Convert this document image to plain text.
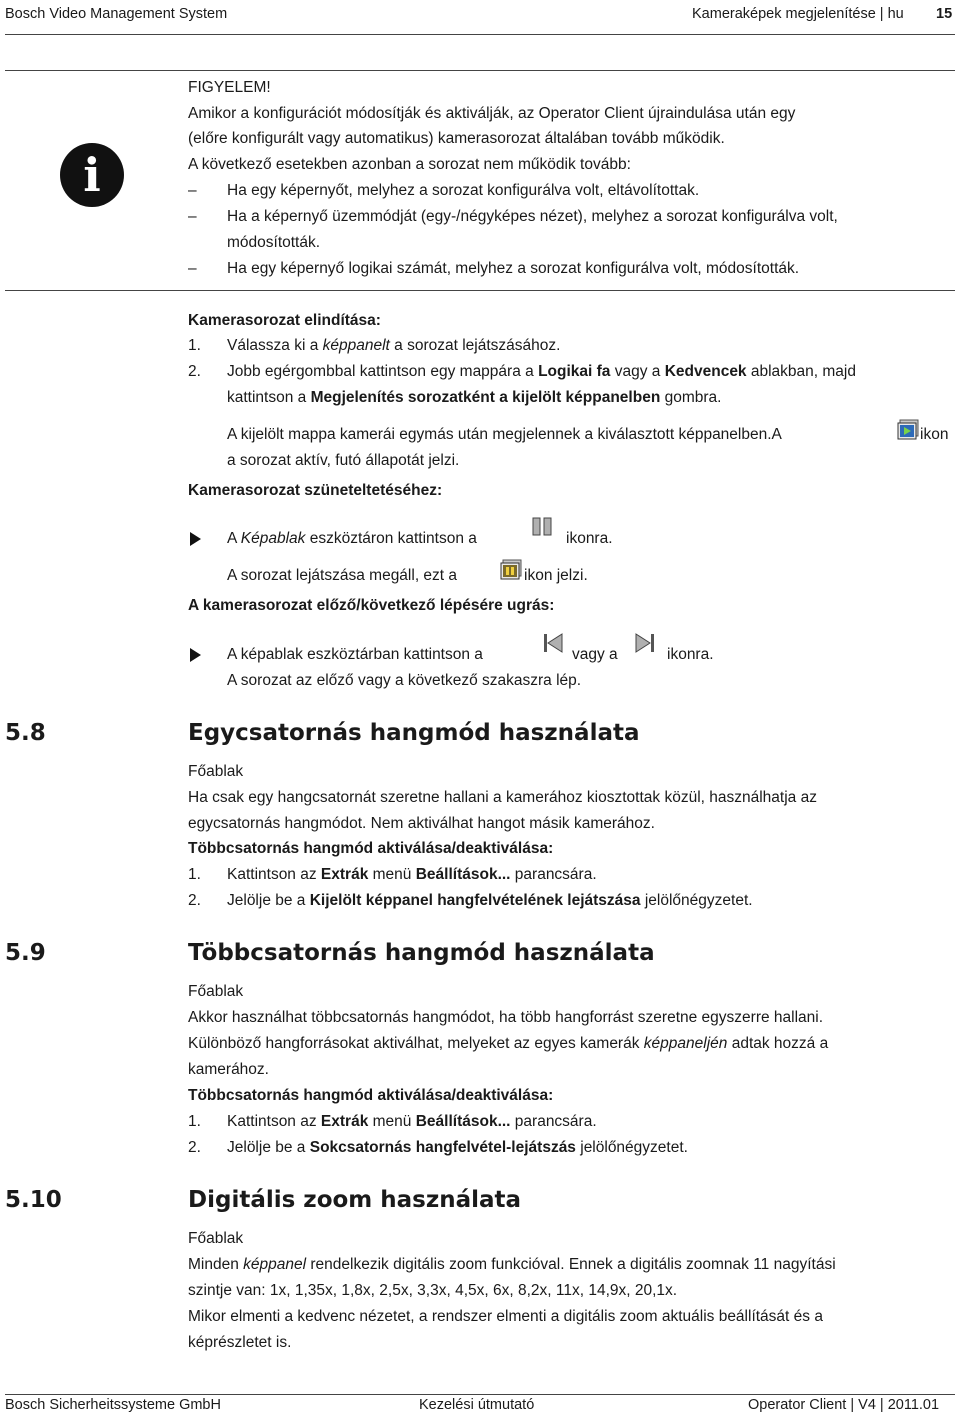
Bosch Video Management System	Kameraképek megjelenítése | hu 15
i
FIGYELEM!
Amikor a konfigurációt módosítják és aktiválják, az Operator Client újraindulása után egy
(előre konfigurált vagy automatikus) kamerasorozat általában tovább működik.
A következő esetekben azonban a sorozat nem működik tovább:
– Ha egy képernyőt, melyhez a sorozat konfigurálva volt, eltávolítottak.
– Ha a képernyő üzemmódját (egy-/négyképes nézet), melyhez a sorozat konfigurálva volt,
módosították.
– Ha egy képernyő logikai számát, melyhez a sorozat konfigurálva volt, módosították.
Kamerasorozat elindítása:
1. Válassza ki a képpanelt a sorozat lejátszásához.
2. Jobb egérgombbal kattintson egy mappára a Logikai fa vagy a Kedvencek ablakban, majd
kattintson a Megjelenítés sorozatként a kijelölt képpanelben gombra.
A kijelölt mappa kamerái egymás után megjelennek a kiválasztott képpanelben.A	ikon
a sorozat aktív, futó állapotát jelzi.
Kamerasorozat szüneteltetéséhez:
A Képablak eszköztáron kattintson a	ikonra.
A sorozat lejátszása megáll, ezt a	ikon jelzi.
A kamerasorozat előző/következő lépésére ugrás:
A képablak eszköztárban kattintson a	vagy a	ikonra.
A sorozat az előző vagy a következő szakaszra lép.
5.8	Egycsatornás hangmód használata
Főablak
Ha csak egy hangcsatornát szeretne hallani a kamerához kiosztottak közül, használhatja az
egycsatornás hangmódot. Nem aktiválhat hangot másik kamerához.
Többcsatornás hangmód aktiválása/deaktiválása:
1. Kattintson az Extrák menü Beállítások... parancsára.
2. Jelölje be a Kijelölt képpanel hangfelvételének lejátszása jelölőnégyzetet.
5.9	Többcsatornás hangmód használata
Főablak
Akkor használhat többcsatornás hangmódot, ha több hangforrást szeretne egyszerre hallani.
Különböző hangforrásokat aktiválhat, melyeket az egyes kamerák képpaneljén adtak hozzá a
kamerához.
Többcsatornás hangmód aktiválása/deaktiválása:
1. Kattintson az Extrák menü Beállítások... parancsára.
2. Jelölje be a Sokcsatornás hangfelvétel-lejátszás jelölőnégyzetet.
5.10	Digitális zoom használata
Főablak
Minden képpanel rendelkezik digitális zoom funkcióval. Ennek a digitális zoomnak 11 nagyítási
szintje van: 1x, 1,35x, 1,8x, 2,5x, 3,3x, 4,5x, 6x, 8,2x, 11x, 14,9x, 20,1x.
Mikor elmenti a kedvenc nézetet, a rendszer elmenti a digitális zoom aktuális beállítását és a
képrészletet is.
Bosch Sicherheitssysteme GmbH	Kezelési útmutató	Operator Client | V4 | 2011.01
